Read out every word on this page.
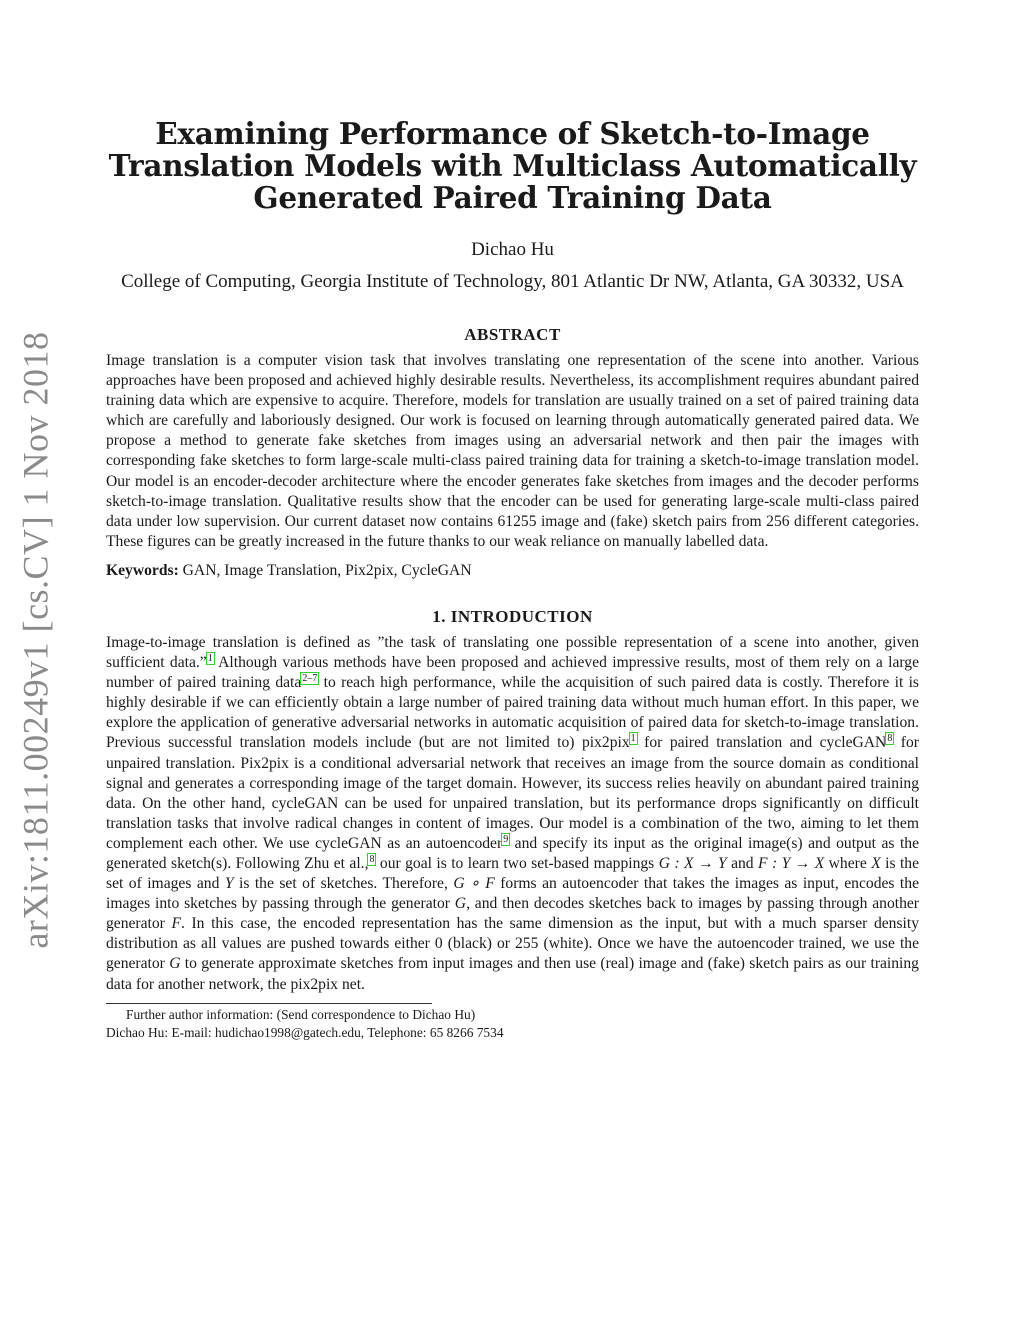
arXiv:1811.00249v1 [cs.CV] 1 Nov 2018
Examining Performance of Sketch-to-Image Translation Models with Multiclass Automatically Generated Paired Training Data
Dichao Hu
College of Computing, Georgia Institute of Technology, 801 Atlantic Dr NW, Atlanta, GA 30332, USA
ABSTRACT

Image translation is a computer vision task that involves translating one representation of the scene into another. Various approaches have been proposed and achieved highly desirable results. Nevertheless, its accomplishment requires abundant paired training data which are expensive to acquire. Therefore, models for translation are usually trained on a set of paired training data which are carefully and laboriously designed. Our work is focused on learning through automatically generated paired data. We propose a method to generate fake sketches from images using an adversarial network and then pair the images with corresponding fake sketches to form large-scale multi-class paired training data for training a sketch-to-image translation model. Our model is an encoder-decoder architecture where the encoder generates fake sketches from images and the decoder performs sketch-to-image translation. Qualitative results show that the encoder can be used for generating large-scale multi-class paired data under low supervision. Our current dataset now contains 61255 image and (fake) sketch pairs from 256 different categories. These figures can be greatly increased in the future thanks to our weak reliance on manually labelled data.

Keywords: GAN, Image Translation, Pix2pix, CycleGAN
1. INTRODUCTION

Image-to-image translation is defined as ”the task of translating one possible representation of a scene into another, given sufficient data.”$^1$ Although various methods have been proposed and achieved impressive results, most of them rely on a large number of paired training data$^{2-7}$ to reach high performance, while the acquisition of such paired data is costly. Therefore it is highly desirable if we can efficiently obtain a large number of paired training data without much human effort. In this paper, we explore the application of generative adversarial networks in automatic acquisition of paired data for sketch-to-image translation. Previous successful translation models include (but are not limited to) pix2pix$^1$ for paired translation and cycleGAN$^8$ for unpaired translation. Pix2pix is a conditional adversarial network that receives an image from the source domain as conditional signal and generates a corresponding image of the target domain. However, its success relies heavily on abundant paired training data. On the other hand, cycleGAN can be used for unpaired translation, but its performance drops significantly on difficult translation tasks that involve radical changes in content of images. Our model is a combination of the two, aiming to let them complement each other. We use cycleGAN as an autoencoder$^9$ and specify its input as the original image(s) and output as the generated sketch(s). Following Zhu et al.,$^8$ our goal is to learn two set-based mappings G : X → Y and F : Y → X where X is the set of images and Y is the set of sketches. Therefore, G ∘ F forms an autoencoder that takes the images as input, encodes the images into sketches by passing through the generator G, and then decodes sketches back to images by passing through another generator F. In this case, the encoded representation has the same dimension as the input, but with a much sparser density distribution as all values are pushed towards either 0 (black) or 255 (white). Once we have the autoencoder trained, we use the generator G to generate approximate sketches from input images and then use (real) image and (fake) sketch pairs as our training data for another network, the pix2pix net.

Further author information: (Send correspondence to Dichao Hu)
Dichao Hu: E-mail: hudichao1998@gatech.edu, Telephone: 65 8266 7534
